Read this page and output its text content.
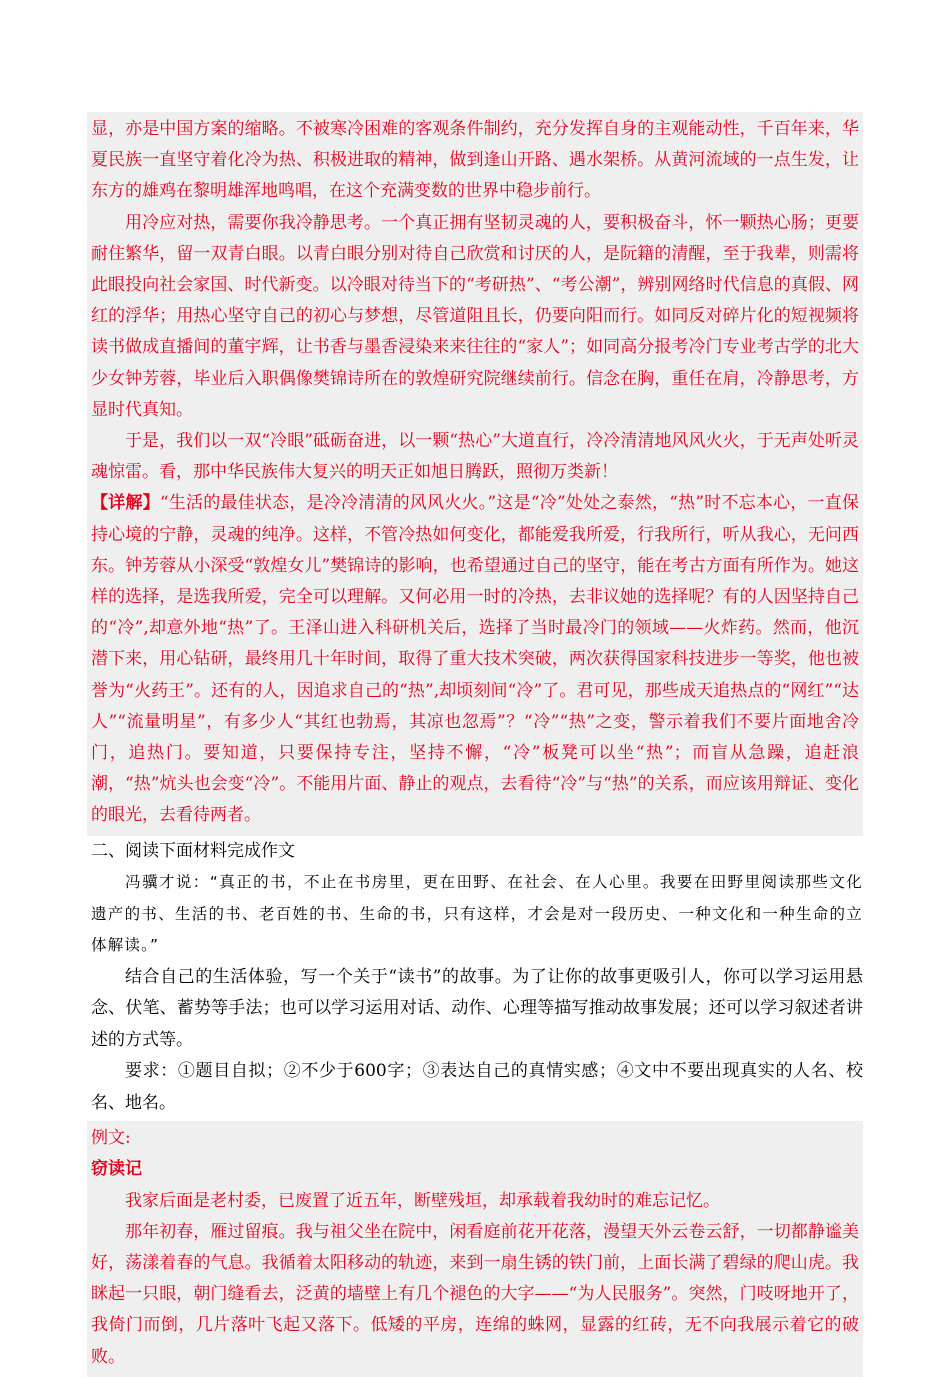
显，亦是中国方案的缩略。不被寒冷困难的客观条件制约，充分发挥自身的主观能动性，千百年来，华夏民族一直坚守着化冷为热、积极进取的精神，做到逢山开路、遇水架桥。从黄河流域的一点生发，让东方的雄鸡在黎明雄浑地鸣唱，在这个充满变数的世界中稳步前行。

用冷应对热，需要你我冷静思考。一个真正拥有坚韧灵魂的人，要积极奋斗，怀一颗热心肠；更要耐住繁华，留一双青白眼。以青白眼分别对待自己欣赏和讨厌的人，是阮籍的清醒，至于我辈，则需将此眼投向社会家国、时代新变。以冷眼对待当下的“考研热”、“考公潮”，辨别网络时代信息的真假、网红的浮华；用热心坚守自己的初心与梦想，尽管道阻且长，仍要向阳而行。如同反对碎片化的短视频将读书做成直播间的董宇辉，让书香与墨香浸染来来往往的“家人”；如同高分报考冷门专业考古学的北大少女钟芳蓉，毕业后入职偶像樊锦诗所在的敦煌研究院继续前行。信念在胸，重任在肩，冷静思考，方显时代真知。

于是，我们以一双“冷眼”砥砺奋进，以一颗“热心”大道直行，冷冷清清地风风火火，于无声处听灵魂惊雷。看，那中华民族伟大复兴的明天正如旭日腾跃，照彻万类新！

【详解】“生活的最佳状态，是冷冷清清的风风火火。”这是“冷”处处之泰然，“热”时不忘本心，一直保持心境的宁静，灵魂的纯净。这样，不管冷热如何变化，都能爱我所爱，行我所行，听从我心，无问西东。钟芳蓉从小深受“敦煌女儿”樊锦诗的影响，也希望通过自己的坚守，能在考古方面有所作为。她这样的选择，是选我所爱，完全可以理解。又何必用一时的冷热，去非议她的选择呢？有的人因坚持自己的“冷”,却意外地“热”了。王泽山进入科研机关后，选择了当时最冷门的领域——火炸药。然而，他沉潜下来，用心钻研，最终用几十年时间，取得了重大技术突破，两次获得国家科技进步一等奖，他也被誉为“火药王”。还有的人，因追求自己的“热”,却顷刻间“冷”了。君可见，那些成天追热点的“网红”“达人”“流量明星”，有多少人“其红也勃焉，其凉也忽焉”？“冷”“热”之变，警示着我们不要片面地舍冷门，追热门。要知道，只要保持专注，坚持不懈，“冷”板凳可以坐“热”；而盲从急躁，追赶浪潮，“热”炕头也会变“冷”。不能用片面、静止的观点，去看待“冷”与“热”的关系，而应该用辩证、变化的眼光，去看待两者。

二、阅读下面材料完成作文

冯骥才说：“真正的书，不止在书房里，更在田野、在社会、在人心里。我要在田野里阅读那些文化遗产的书、生活的书、老百姓的书、生命的书，只有这样，才会是对一段历史、一种文化和一种生命的立体解读。”

结合自己的生活体验，写一个关于“读书”的故事。为了让你的故事更吸引人，你可以学习运用悬念、伏笔、蓄势等手法；也可以学习运用对话、动作、心理等描写推动故事发展；还可以学习叙述者讲述的方式等。

要求：①题目自拟；②不少于600字；③表达自己的真情实感；④文中不要出现真实的人名、校名、地名。

例文:

窃读记

我家后面是老村委，已废置了近五年，断壁残垣，却承载着我幼时的难忘记忆。

那年初春，雁过留痕。我与祖父坐在院中，闲看庭前花开花落，漫望天外云卷云舒，一切都静谧美好，荡漾着春的气息。我循着太阳移动的轨迹，来到一扇生锈的铁门前，上面长满了碧绿的爬山虎。我眯起一只眼，朝门缝看去，泛黄的墙壁上有几个褪色的大字——“为人民服务”。突然，门吱呀地开了，我倚门而倒，几片落叶飞起又落下。低矮的平房，连绵的蛛网，显露的红砖，无不向我展示着它的破败。
